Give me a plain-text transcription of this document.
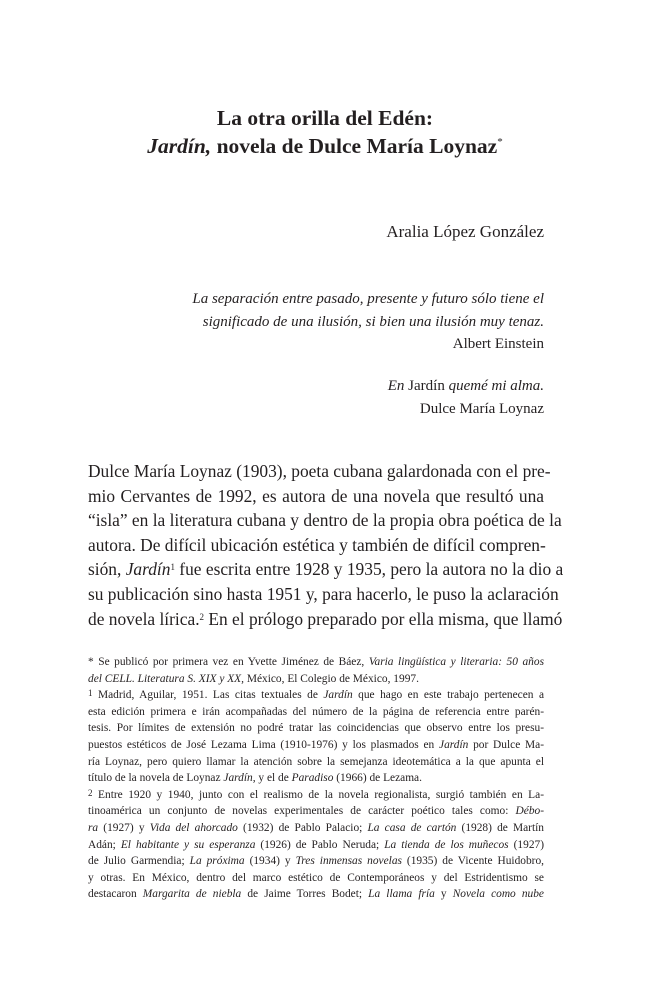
La otra orilla del Edén:
Jardín, novela de Dulce María Loynaz*
Aralia López González
La separación entre pasado, presente y futuro sólo tiene el
significado de una ilusión, si bien una ilusión muy tenaz.
Albert Einstein
En Jardín quemé mi alma.
Dulce María Loynaz
Dulce María Loynaz (1903), poeta cubana galardonada con el pre-
mio Cervantes de 1992, es autora de una novela que resultó una
“isla” en la literatura cubana y dentro de la propia obra poética de la
autora. De difícil ubicación estética y también de difícil compren-
sión, Jardín$^1$ fue escrita entre 1928 y 1935, pero la autora no la dio a
su publicación sino hasta 1951 y, para hacerlo, le puso la aclaración
de novela lírica.$^2$ En el prólogo preparado por ella misma, que llamó
* Se publicó por primera vez en Yvette Jiménez de Báez, Varia lingüística y literaria: 50 años
del CELL. Literatura S. XIX y XX, México, El Colegio de México, 1997.
$^1$ Madrid, Aguilar, 1951. Las citas textuales de Jardín que hago en este trabajo pertenecen a
esta edición primera e irán acompañadas del número de la página de referencia entre parén-
tesis. Por límites de extensión no podré tratar las coincidencias que observo entre los presu-
puestos estéticos de José Lezama Lima (1910-1976) y los plasmados en Jardín por Dulce Ma-
ría Loynaz, pero quiero llamar la atención sobre la semejanza ideotemática a la que apunta el
título de la novela de Loynaz Jardín, y el de Paradiso (1966) de Lezama.
$^2$ Entre 1920 y 1940, junto con el realismo de la novela regionalista, surgió también en La-
tinoamérica un conjunto de novelas experimentales de carácter poético tales como: Débo-
ra (1927) y Vida del ahorcado (1932) de Pablo Palacio; La casa de cartón (1928) de Martín
Adán; El habitante y su esperanza (1926) de Pablo Neruda; La tienda de los muñecos (1927)
de Julio Garmendia; La próxima (1934) y Tres inmensas novelas (1935) de Vicente Huidobro,
y otras. En México, dentro del marco estético de Contemporáneos y del Estridentismo se
destacaron Margarita de niebla de Jaime Torres Bodet; La llama fría y Novela como nube
